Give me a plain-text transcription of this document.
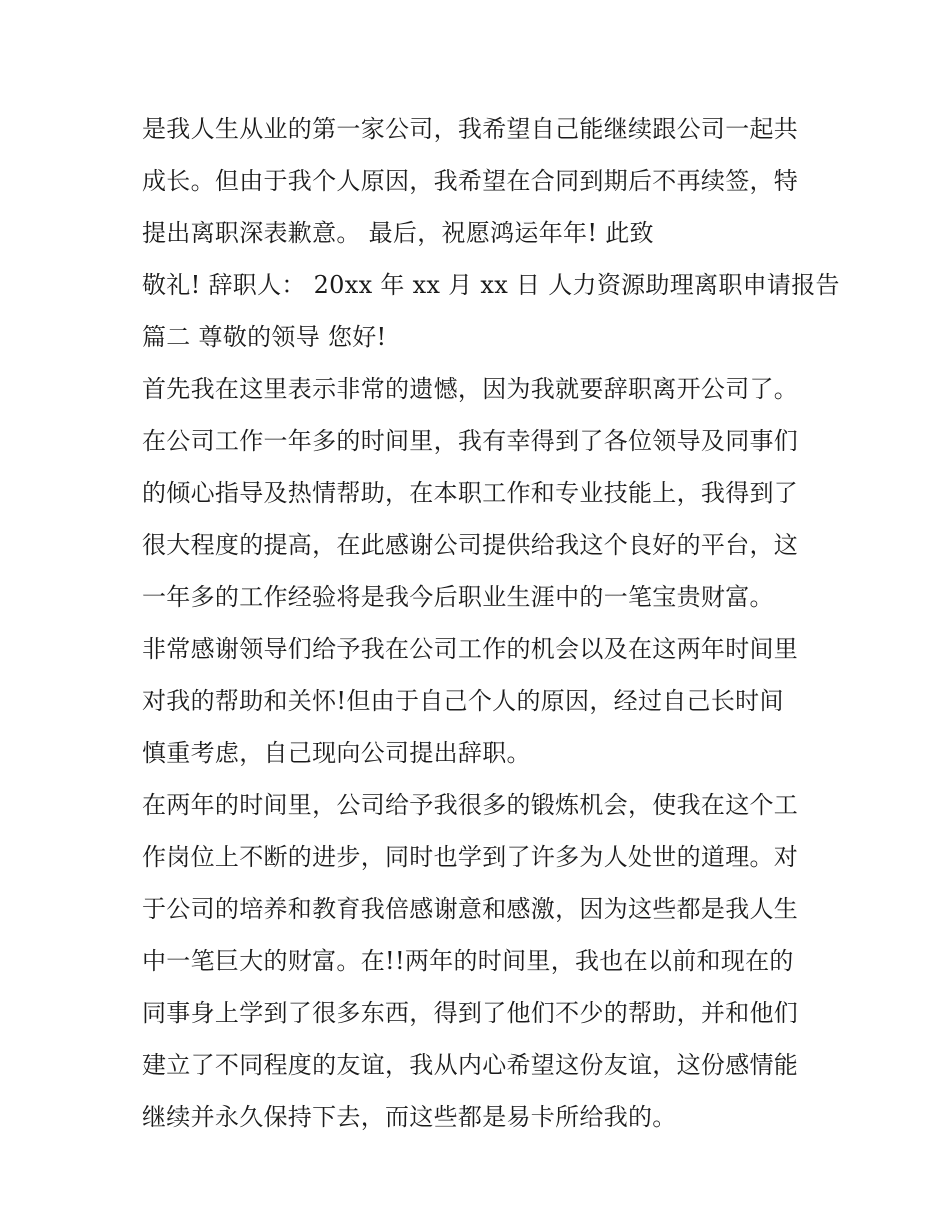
是我人生从业的第一家公司，我希望自己能继续跟公司一起共
成长。但由于我个人原因，我希望在合同到期后不再续签，特
提出离职深表歉意。 最后，祝愿鸿运年年! 此致
敬礼! 辞职人： 20xx 年 xx 月 xx 日 人力资源助理离职申请报告
篇二 尊敬的领导 您好!
首先我在这里表示非常的遗憾，因为我就要辞职离开公司了。
在公司工作一年多的时间里，我有幸得到了各位领导及同事们
的倾心指导及热情帮助，在本职工作和专业技能上，我得到了
很大程度的提高，在此感谢公司提供给我这个良好的平台，这
一年多的工作经验将是我今后职业生涯中的一笔宝贵财富。
非常感谢领导们给予我在公司工作的机会以及在这两年时间里
对我的帮助和关怀!但由于自己个人的原因，经过自己长时间
慎重考虑，自己现向公司提出辞职。
在两年的时间里，公司给予我很多的锻炼机会，使我在这个工
作岗位上不断的进步，同时也学到了许多为人处世的道理。对
于公司的培养和教育我倍感谢意和感激，因为这些都是我人生
中一笔巨大的财富。在!!两年的时间里，我也在以前和现在的
同事身上学到了很多东西，得到了他们不少的帮助，并和他们
建立了不同程度的友谊，我从内心希望这份友谊，这份感情能
继续并永久保持下去，而这些都是易卡所给我的。
